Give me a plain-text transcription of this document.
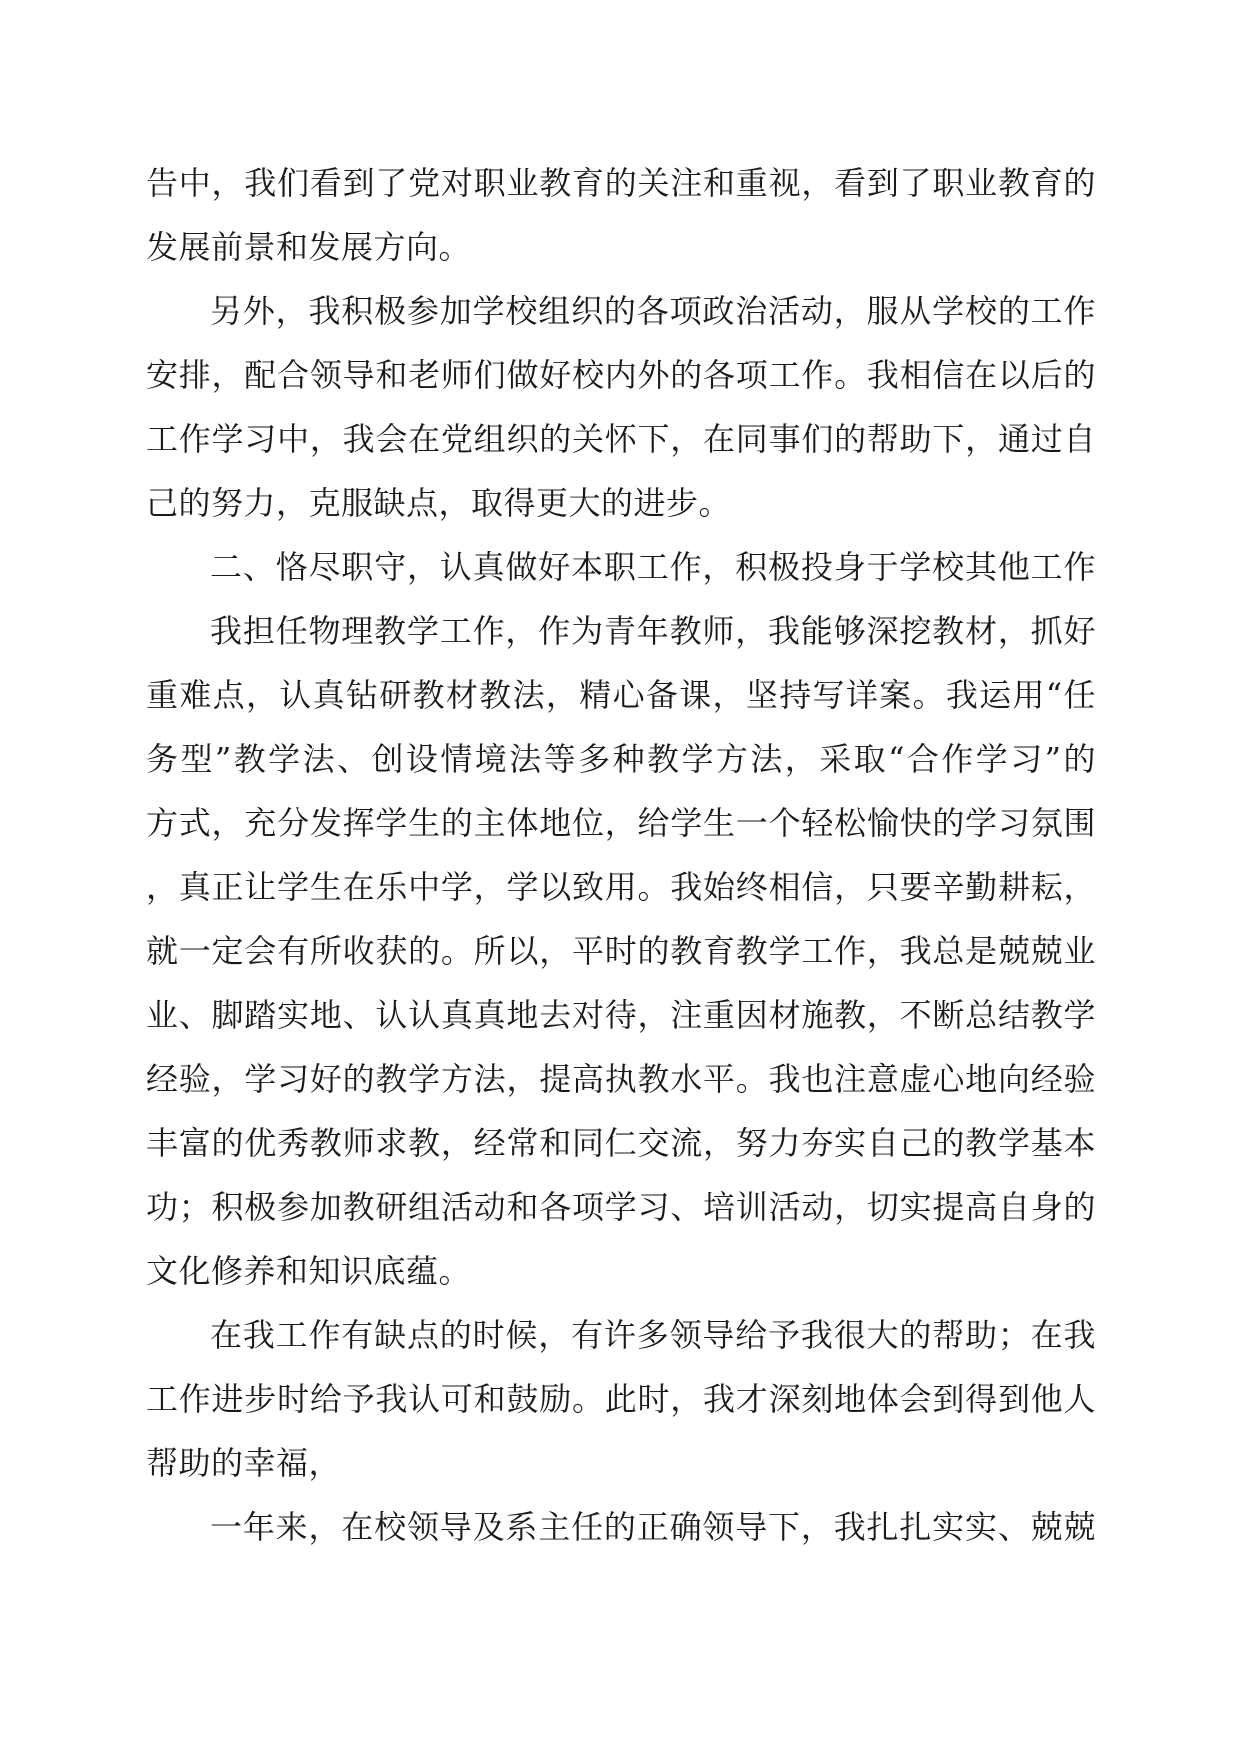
告中，我们看到了党对职业教育的关注和重视，看到了职业教育的
发展前景和发展方向。
另外，我积极参加学校组织的各项政治活动，服从学校的工作
安排，配合领导和老师们做好校内外的各项工作。我相信在以后的
工作学习中，我会在党组织的关怀下，在同事们的帮助下，通过自
己的努力，克服缺点，取得更大的进步。
二、恪尽职守，认真做好本职工作，积极投身于学校其他工作
我担任物理教学工作，作为青年教师，我能够深挖教材，抓好
重难点，认真钻研教材教法，精心备课，坚持写详案。我运用“任
务型”教学法、创设情境法等多种教学方法，采取“合作学习”的
方式，充分发挥学生的主体地位，给学生一个轻松愉快的学习氛围
，真正让学生在乐中学，学以致用。我始终相信，只要辛勤耕耘，
就一定会有所收获的。所以，平时的教育教学工作，我总是兢兢业
业、脚踏实地、认认真真地去对待，注重因材施教，不断总结教学
经验，学习好的教学方法，提高执教水平。我也注意虚心地向经验
丰富的优秀教师求教，经常和同仁交流，努力夯实自己的教学基本
功；积极参加教研组活动和各项学习、培训活动，切实提高自身的
文化修养和知识底蕴。
在我工作有缺点的时候，有许多领导给予我很大的帮助；在我
工作进步时给予我认可和鼓励。此时，我才深刻地体会到得到他人
帮助的幸福，
一年来，在校领导及系主任的正确领导下，我扎扎实实、兢兢
